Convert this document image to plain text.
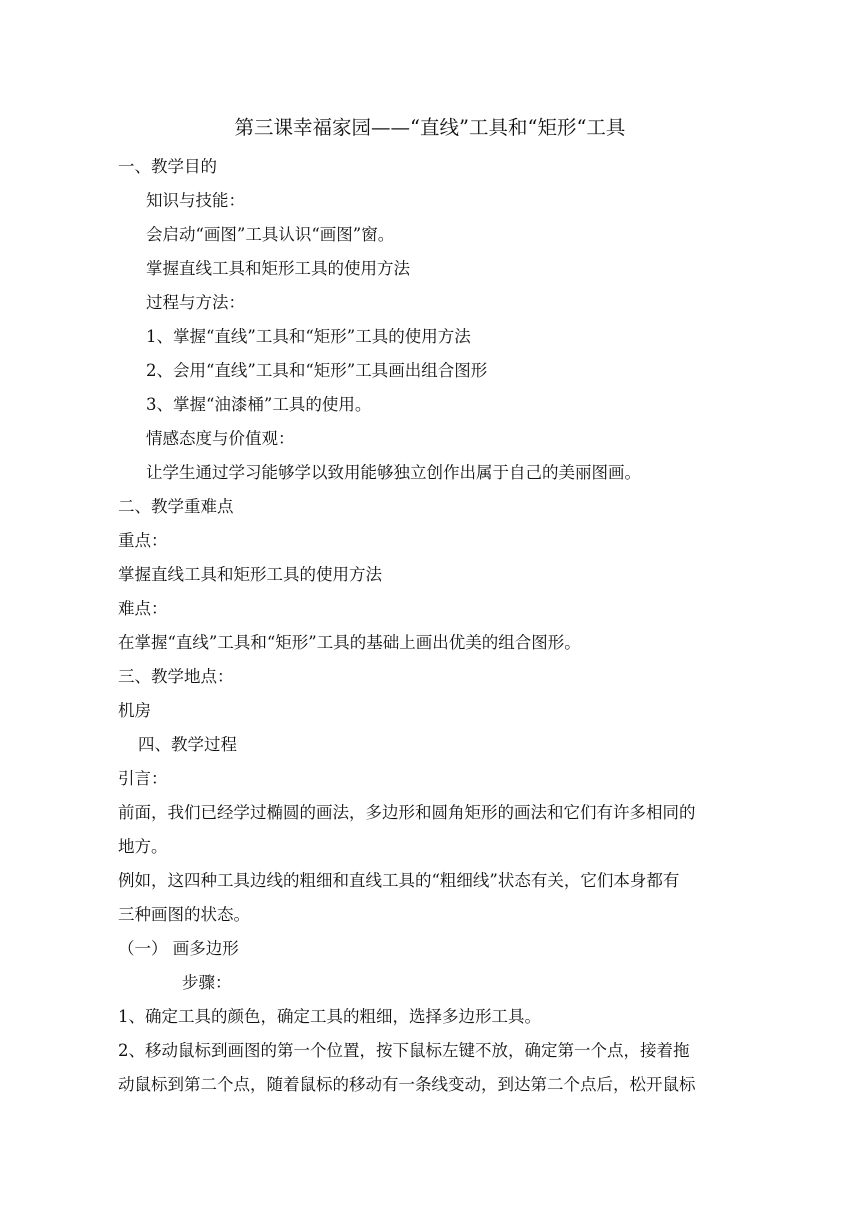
第三课幸福家园——“直线”工具和“矩形“工具
一、教学目的
知识与技能：
会启动“画图”工具认识“画图”窗。
掌握直线工具和矩形工具的使用方法
过程与方法：
1、掌握“直线”工具和“矩形”工具的使用方法
2、会用“直线”工具和“矩形”工具画出组合图形
3、掌握“油漆桶”工具的使用。
情感态度与价值观：
让学生通过学习能够学以致用能够独立创作出属于自己的美丽图画。
二、教学重难点
重点：
掌握直线工具和矩形工具的使用方法
难点：
在掌握“直线”工具和“矩形”工具的基础上画出优美的组合图形。
三、教学地点：
机房
四、教学过程
引言：
前面，我们已经学过椭圆的画法，多边形和圆角矩形的画法和它们有许多相同的
地方。
例如，这四种工具边线的粗细和直线工具的“粗细线”状态有关，它们本身都有
三种画图的状态。
（一） 画多边形
步骤：
1、确定工具的颜色，确定工具的粗细，选择多边形工具。
2、移动鼠标到画图的第一个位置，按下鼠标左键不放，确定第一个点，接着拖
动鼠标到第二个点，随着鼠标的移动有一条线变动，到达第二个点后，松开鼠标
